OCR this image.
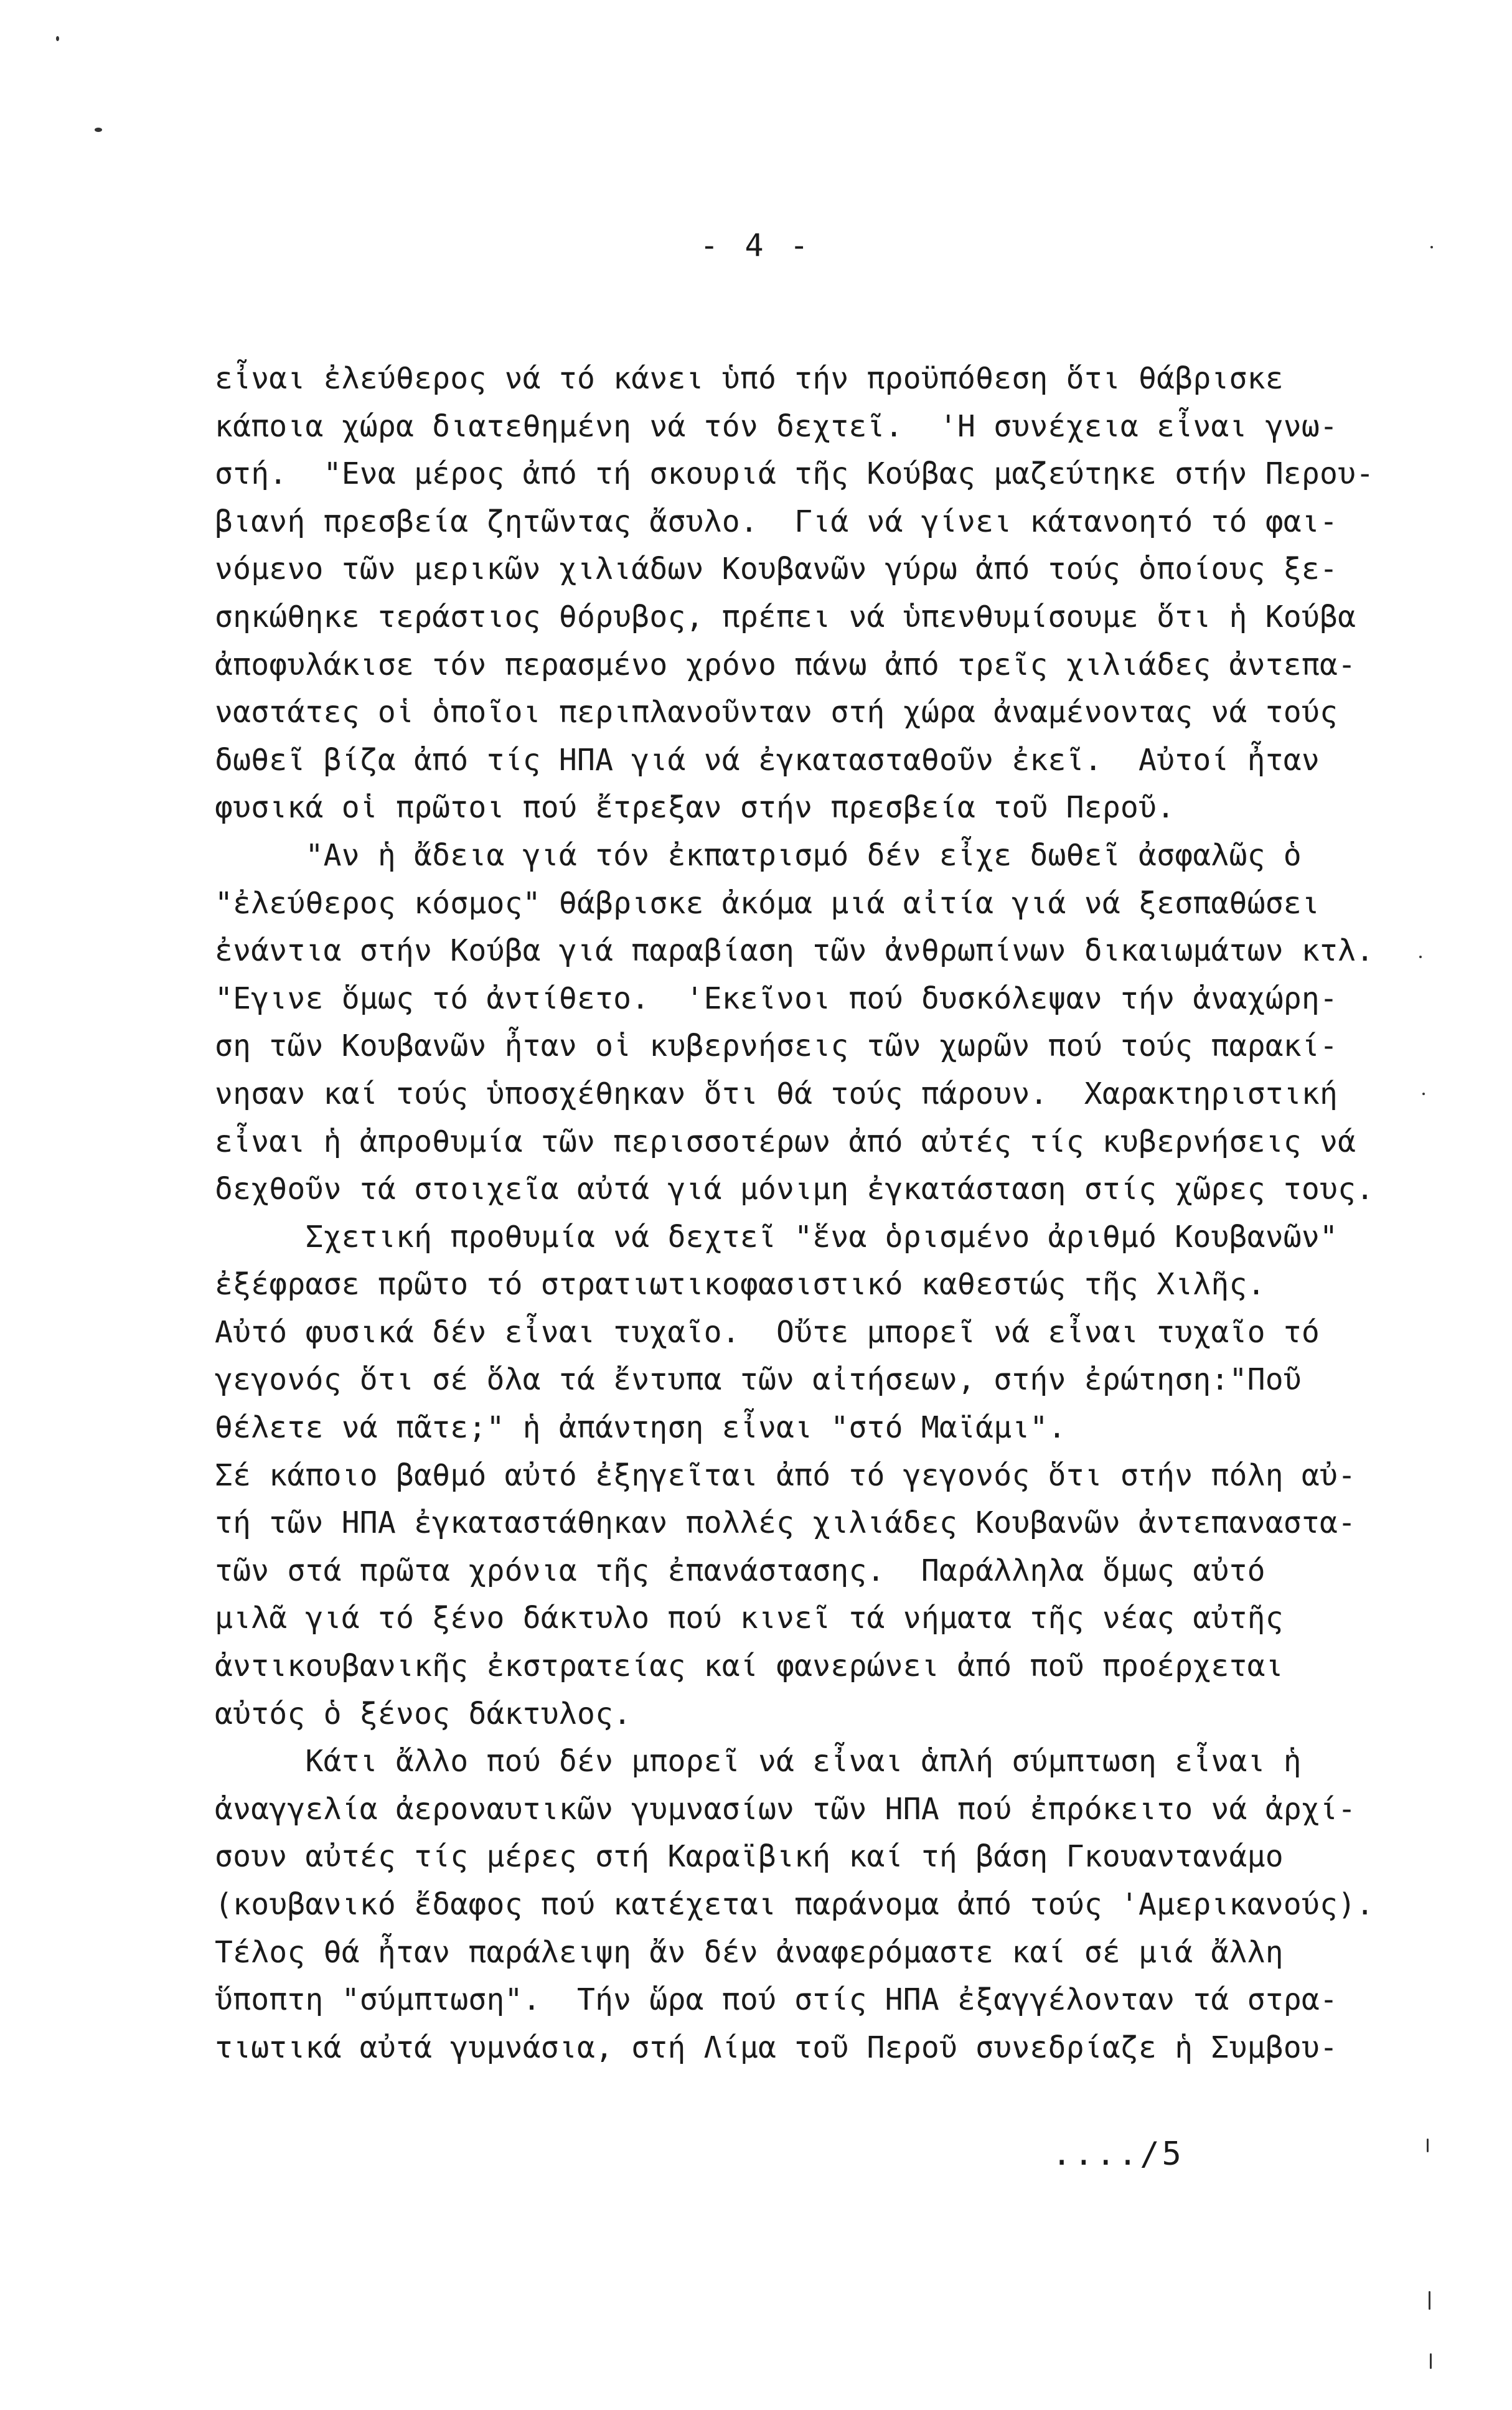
- 4 -
εἶναι ἐλεύθερος νά τό κάνει ὑπό τήν προϋπόθεση ὅτι θάβρισκε
κάποια χώρα διατεθημένη νά τόν δεχτεῖ.  'Η συνέχεια εἶναι γνω-
στή.  "Ενα μέρος ἀπό τή σκουριά τῆς Κούβας μαζεύτηκε στήν Περου-
βιανή πρεσβεία ζητῶντας ἄσυλο.  Γιά νά γίνει κάτανοητό τό φαι-
νόμενο τῶν μερικῶν χιλιάδων Κουβανῶν γύρω ἀπό τούς ὁποίους ξε-
σηκώθηκε τεράστιος θόρυβος, πρέπει νά ὑπενθυμίσουμε ὅτι ἡ Κούβα
ἀποφυλάκισε τόν περασμένο χρόνο πάνω ἀπό τρεῖς χιλιάδες ἀντεπα-
ναστάτες οἱ ὁποῖοι περιπλανοῦνταν στή χώρα ἀναμένοντας νά τούς
δωθεῖ βίζα ἀπό τίς ΗΠΑ γιά νά ἐγκατασταθοῦν ἐκεῖ.  Αὐτοί ἦταν
φυσικά οἱ πρῶτοι πού ἔτρεξαν στήν πρεσβεία τοῦ Περοῦ.
"Αν ἡ ἄδεια γιά τόν ἐκπατρισμό δέν εἶχε δωθεῖ ἀσφαλῶς ὁ
"ἐλεύθερος κόσμος" θάβρισκε ἀκόμα μιά αἰτία γιά νά ξεσπαθώσει
ἐνάντια στήν Κούβα γιά παραβίαση τῶν ἀνθρωπίνων δικαιωμάτων κτλ.
"Εγινε ὅμως τό ἀντίθετο.  'Εκεῖνοι πού δυσκόλεψαν τήν ἀναχώρη-
ση τῶν Κουβανῶν ἦταν οἱ κυβερνήσεις τῶν χωρῶν πού τούς παρακί-
νησαν καί τούς ὑποσχέθηκαν ὅτι θά τούς πάρουν.  Χαρακτηριστική
εἶναι ἡ ἀπροθυμία τῶν περισσοτέρων ἀπό αὐτές τίς κυβερνήσεις νά
δεχθοῦν τά στοιχεῖα αὐτά γιά μόνιμη ἐγκατάσταση στίς χῶρες τους.
Σχετική προθυμία νά δεχτεῖ "ἕνα ὁρισμένο ἀριθμό Κουβανῶν"
ἐξέφρασε πρῶτο τό στρατιωτικοφασιστικό καθεστώς τῆς Χιλῆς.
Αὐτό φυσικά δέν εἶναι τυχαῖο.  Οὔτε μπορεῖ νά εἶναι τυχαῖο τό
γεγονός ὅτι σέ ὅλα τά ἔντυπα τῶν αἰτήσεων, στήν ἐρώτηση:"Ποῦ
θέλετε νά πᾶτε;" ἡ ἀπάντηση εἶναι "στό Μαϊάμι".
Σέ κάποιο βαθμό αὐτό ἐξηγεῖται ἀπό τό γεγονός ὅτι στήν πόλη αὐ-
τή τῶν ΗΠΑ ἐγκαταστάθηκαν πολλές χιλιάδες Κουβανῶν ἀντεπαναστα-
τῶν στά πρῶτα χρόνια τῆς ἐπανάστασης.  Παράλληλα ὅμως αὐτό
μιλᾶ γιά τό ξένο δάκτυλο πού κινεῖ τά νήματα τῆς νέας αὐτῆς
ἀντικουβανικῆς ἐκστρατείας καί φανερώνει ἀπό ποῦ προέρχεται
αὐτός ὁ ξένος δάκτυλος.
Κάτι ἄλλο πού δέν μπορεῖ νά εἶναι ἁπλή σύμπτωση εἶναι ἡ
ἀναγγελία ἀεροναυτικῶν γυμνασίων τῶν ΗΠΑ πού ἐπρόκειτο νά ἀρχί-
σουν αὐτές τίς μέρες στή Καραϊβική καί τή βάση Γκουαντανάμο
(κουβανικό ἔδαφος πού κατέχεται παράνομα ἀπό τούς 'Αμερικανούς).
Τέλος θά ἦταν παράλειψη ἄν δέν ἀναφερόμαστε καί σέ μιά ἄλλη
ὕποπτη "σύμπτωση".  Τήν ὥρα πού στίς ΗΠΑ ἐξαγγέλονταν τά στρα-
τιωτικά αὐτά γυμνάσια, στή Λίμα τοῦ Περοῦ συνεδρίαζε ἡ Συμβου-
..../5
